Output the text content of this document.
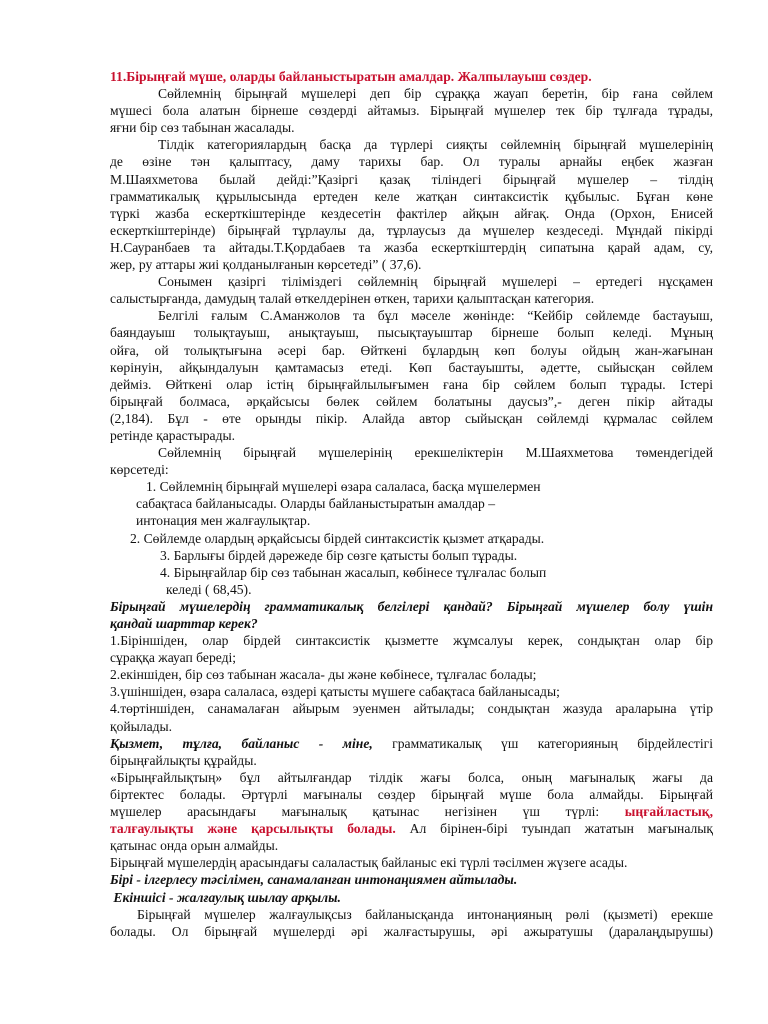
11.Бірыңғай мүше, оларды байланыстыратын амалдар. Жалпылауыш сөздер.

Сөйлемнің бірыңғай мүшелері деп бір сұраққа жауап беретін, бір ғана сөйлем

мүшесі бола алатын бірнеше сөздерді айтамыз. Бірыңғай мүшелер тек бір тұлғада тұрады,

яғни бір сөз табынан жасалады.

Тілдік категориялардың басқа да түрлері сияқты сөйлемнің бірыңғай мүшелерінің

де өзіне тән қалыптасу, даму тарихы бар. Ол туралы арнайы еңбек жазған

М.Шаяхметова былай дейді:”Қазіргі қазақ тіліндегі бірыңғай мүшелер – тілдің

грамматикалық құрылысында ертеден келе жатқан синтаксистік құбылыс. Бұған көне

түркі жазба ескерткіштерінде кездесетін фактілер айқын айғақ. Онда (Орхон, Енисей

ескерткіштерінде) бірыңғай тұрлаулы да, тұрлаусыз да мүшелер кездеседі. Мұндай пікірді

Н.Сауранбаев та айтады.Т.Қордабаев та жазба ескерткіштердің сипатына қарай адам, су,

жер, ру аттары жиі қолданылғанын көрсетеді” ( 37,6).

Сонымен қазіргі тіліміздегі сөйлемнің бірыңғай мүшелері – ертедегі нұсқамен

салыстырғанда, дамудың талай өткелдерінен өткен, тарихи қалыптасқан категория.

Белгілі ғалым С.Аманжолов та бұл мәселе жөнінде: “Кейбір сөйлемде бастауыш,

баяндауыш толықтауыш, анықтауыш, пысықтауыштар бірнеше болып келеді. Мұның

ойға, ой толықтығына әсері бар. Өйткені бұлардың көп болуы ойдың жан-жағынан

көрінуін, айқындалуын қамтамасыз етеді. Көп бастауышты, әдетте, сыйысқан сөйлем

дейміз. Өйткені олар істің бірыңғайлылығымен ғана бір сөйлем болып тұрады. Істері

бірыңғай болмаса, әрқайсысы бөлек сөйлем болатыны даусыз”,- деген пікір айтады

(2,184). Бұл - өте орынды пікір. Алайда автор сыйысқан сөйлемді құрмалас сөйлем

ретінде қарастырады.

Сөйлемнің бірыңғай мүшелерінің ерекшеліктерін М.Шаяхметова төмендегідей

көрсетеді:

1. Сөйлемнің бірыңғай мүшелері өзара салаласа, басқа мүшелермен

сабақтаса байланысады. Оларды байланыстыратын амалдар –

интонация мен жалғаулықтар.

2. Сөйлемде олардың әрқайсысы бірдей синтаксистік қызмет атқарады.

3. Барлығы бірдей дәрежеде бір сөзге қатысты болып тұрады.

4. Бірыңғайлар бір сөз табынан жасалып, көбінесе тұлғалас болып

келеді ( 68,45).

Бірыңғай мүшелердің грамматикалық белгілері қандай? Бірыңғай мүшелер болу үшін

қандай шарттар керек?

1.Біріншіден, олар бірдей синтаксистік қызметте жұмсалуы керек, сондықтан олар бір

сұраққа жауап береді;

2.екіншіден, бір сөз табынан жасала- ды және көбінесе, тұлғалас болады;

3.үшіншіден, өзара салаласа, өздері қатысты мүшеге сабақтаса байланысады;

4.төртіншіден, санамалаған айырым эуенмен айтылады; сондықтан жазуда араларына үтір

қойылады.

Қызмет, тұлға, байланыс - міне, грамматикалық үш категорияның бірдейлестігі

бірыңғайлықты құрайды.

«Бірыңғайлықтың» бұл айтылғандар тілдік жағы болса, оның мағыналық жағы да

біртектес болады. Әртүрлі мағыналы сөздер бірыңғай мүше бола алмайды. Бірыңғай

мүшелер арасындағы мағыналық қатынас негізінен үш түрлі: ыңғайластық,

талғаулықты және қарсылықты болады. Ал бірінен-бірі туындап жататын мағыналық

қатынас онда орын алмайды.

Бірыңғай мүшелердің арасындағы салаластық байланыс екі түрлі тәсілмен жүзеге асады.

Бірі - ілгерлесу тәсілімен, санамаланған интонаңиямен айтылады.

Екіншісі - жалғаулық шылау арқылы.

Бірыңғай мүшелер жалғаулықсыз байланысқанда интонаңияның рөлі (қызметі) ерекше

болады. Ол бірыңғай мүшелерді әрі жалғастырушы, әрі ажыратушы (даралаңдырушы)
